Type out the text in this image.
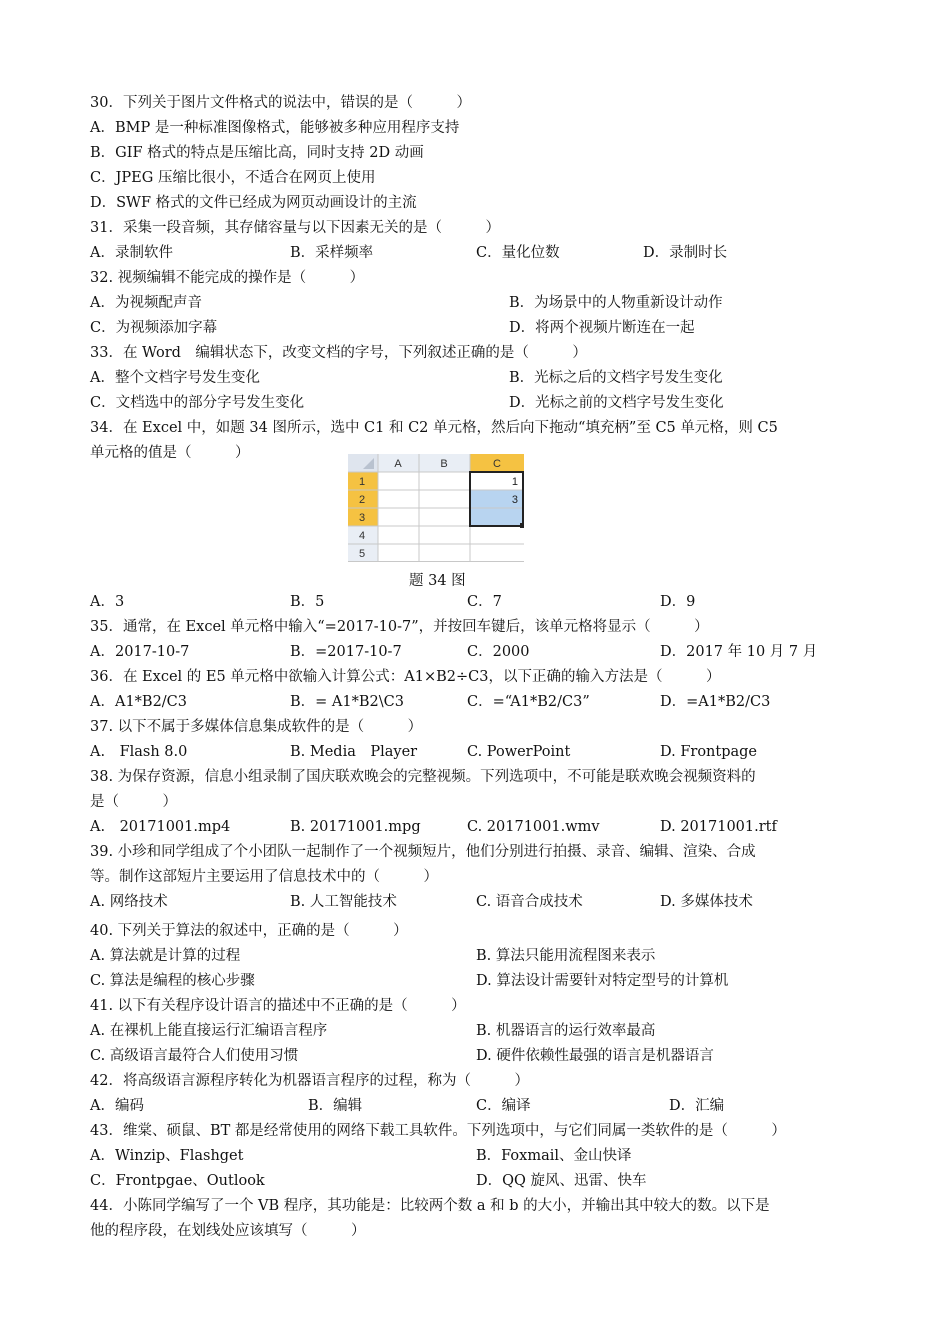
30．下列关于图片文件格式的说法中，错误的是（　　　）
A．BMP 是一种标准图像格式，能够被多种应用程序支持
B．GIF 格式的特点是压缩比高，同时支持 2D 动画
C．JPEG 压缩比很小，不适合在网页上使用
D．SWF 格式的文件已经成为网页动画设计的主流
31．采集一段音频，其存储容量与以下因素无关的是（　　　）
A．录制软件	B．采样频率	C．量化位数	D．录制时长
32. 视频编辑不能完成的操作是（　　　）
A．为视频配声音	B．为场景中的人物重新设计动作
C．为视频添加字幕	D．将两个视频片断连在一起
33．在 Word　编辑状态下，改变文档的字号，下列叙述正确的是（　　　）
A．整个文档字号发生变化	B．光标之后的文档字号发生变化
C．文档选中的部分字号发生变化	D．光标之前的文档字号发生变化
34．在 Excel 中，如题 34 图所示，选中 C1 和 C2 单元格，然后向下拖动“填充柄”至 C5 单元格，则 C5
单元格的值是（　　　）
A	B	C
1
2
3
4
5
1
3
题 34 图
A．3	B．5	C．7	D．9
35．通常，在 Excel 单元格中输入“=2017-10-7”，并按回车键后，该单元格将显示（　　　）
A．2017-10-7	B．=2017-10-7	C．2000	D．2017 年 10 月 7 月
36．在 Excel 的 E5 单元格中欲输入计算公式：A1×B2÷C3，以下正确的输入方法是（　　　）
A．A1*B2/C3	B．= A1*B2\C3	C．=“A1*B2/C3”	D．=A1*B2/C3
37. 以下不属于多媒体信息集成软件的是（　　　）
A.　Flash 8.0	B. Media　Player	C. PowerPoint	D. Frontpage
38. 为保存资源，信息小组录制了国庆联欢晚会的完整视频。下列选项中，不可能是联欢晚会视频资料的
是（　　　）
A.　20171001.mp4	B. 20171001.mpg	C. 20171001.wmv	D. 20171001.rtf
39. 小珍和同学组成了个小团队一起制作了一个视频短片，他们分别进行拍摄、录音、编辑、渲染、合成
等。制作这部短片主要运用了信息技术中的（　　　）
A. 网络技术	B. 人工智能技术	C. 语音合成技术	D. 多媒体技术
40. 下列关于算法的叙述中，正确的是（　　　）
A. 算法就是计算的过程	B. 算法只能用流程图来表示
C. 算法是编程的核心步骤	D. 算法设计需要针对特定型号的计算机
41. 以下有关程序设计语言的描述中不正确的是（　　　）
A. 在裸机上能直接运行汇编语言程序	B. 机器语言的运行效率最高
C. 高级语言最符合人们使用习惯	D. 硬件依赖性最强的语言是机器语言
42．将高级语言源程序转化为机器语言程序的过程，称为（　　　）
A．编码	B．编辑	C．编译	D．汇编
43．维棠、硕鼠、BT 都是经常使用的网络下载工具软件。下列选项中，与它们同属一类软件的是（　　　）
A．Winzip、Flashget	B．Foxmail、金山快译
C．Frontpgae、Outlook	D．QQ 旋风、迅雷、快车
44．小陈同学编写了一个 VB 程序，其功能是：比较两个数 a 和 b 的大小，并输出其中较大的数。以下是
他的程序段，在划线处应该填写（　　　）
